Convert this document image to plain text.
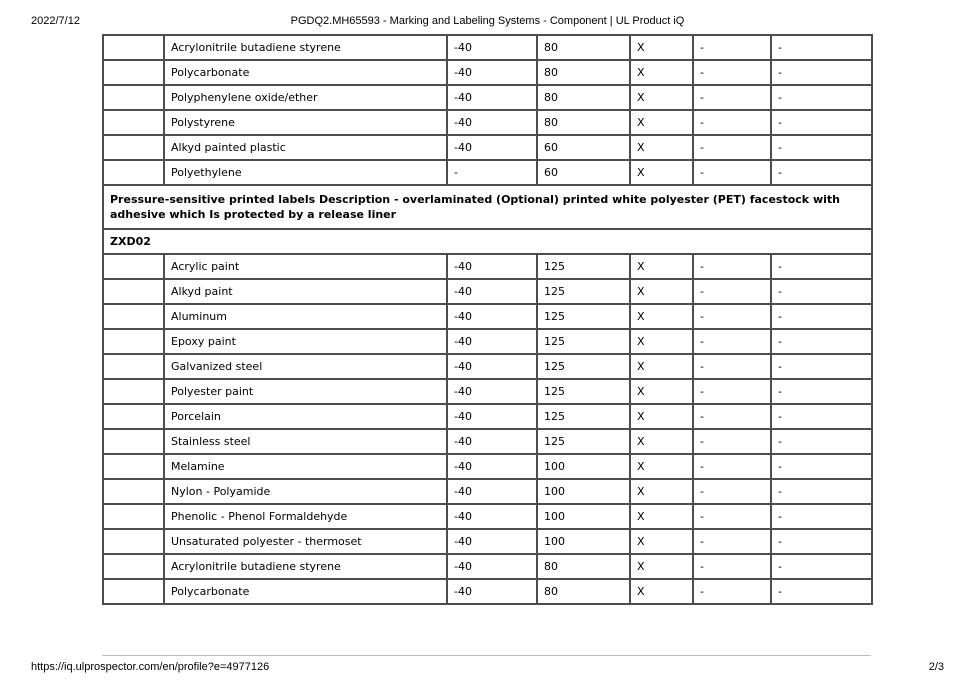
2022/7/12	PGDQ2.MH65593 - Marking and Labeling Systems - Component | UL Product iQ
	Acrylonitrile butadiene styrene	-40	80	X	-	-
	Polycarbonate	-40	80	X	-	-
	Polyphenylene oxide/ether	-40	80	X	-	-
	Polystyrene	-40	80	X	-	-
	Alkyd painted plastic	-40	60	X	-	-
	Polyethylene	-	60	X	-	-
Pressure-sensitive printed labels Description - overlaminated (Optional) printed white polyester (PET) facestock with adhesive which Is protected by a release liner						
ZXD02						
	Acrylic paint	-40	125	X	-	-
	Alkyd paint	-40	125	X	-	-
	Aluminum	-40	125	X	-	-
	Epoxy paint	-40	125	X	-	-
	Galvanized steel	-40	125	X	-	-
	Polyester paint	-40	125	X	-	-
	Porcelain	-40	125	X	-	-
	Stainless steel	-40	125	X	-	-
	Melamine	-40	100	X	-	-
	Nylon - Polyamide	-40	100	X	-	-
	Phenolic - Phenol Formaldehyde	-40	100	X	-	-
	Unsaturated polyester - thermoset	-40	100	X	-	-
	Acrylonitrile butadiene styrene	-40	80	X	-	-
	Polycarbonate	-40	80	X	-	-
https://iq.ulprospector.com/en/profile?e=4977126	2/3
